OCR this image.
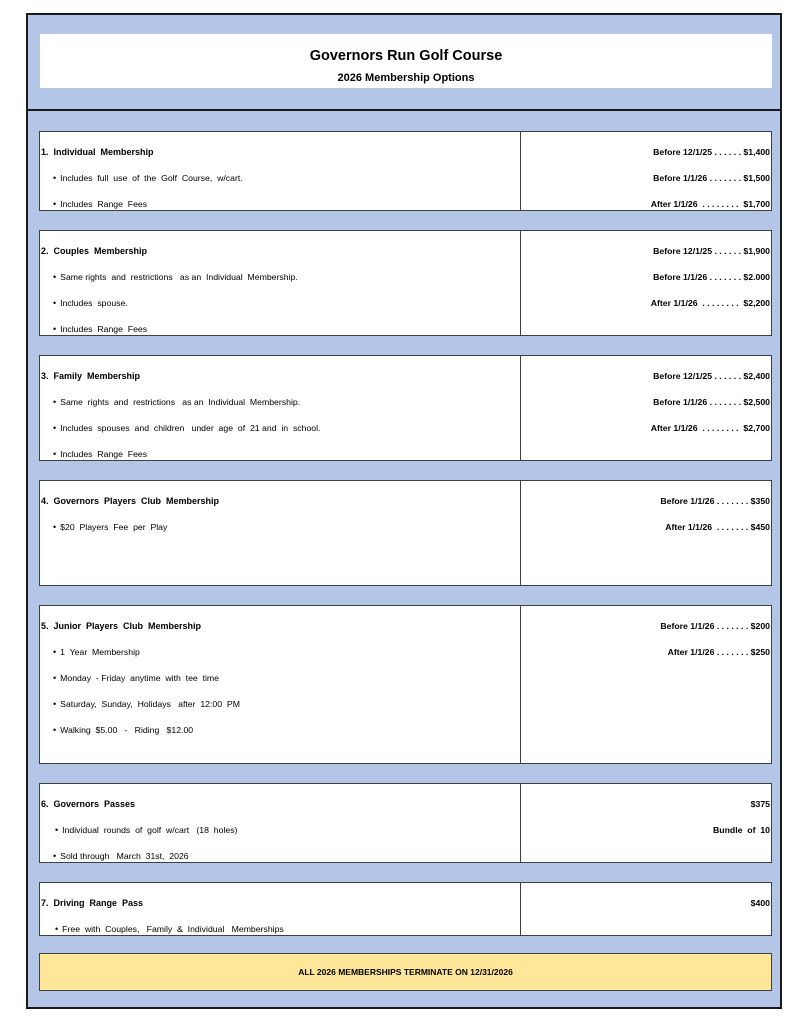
Governors Run Golf Course
2026 Membership Options
1.  Individual  Membership
• Includes  full  use  of  the  Golf  Course,  w/cart.
• Includes  Range  Fees
Before 12/1/25 . . . . . . $1,400
Before 1/1/26 . . . . . . . $1,500
After 1/1/26  . . . . . . . .  $1,700
2.  Couples  Membership
• Same rights  and  restrictions   as an  Individual  Membership.
• Includes  spouse.
• Includes  Range  Fees
Before 12/1/25 . . . . . . $1,900
Before 1/1/26 . . . . . . . $2.000
After 1/1/26  . . . . . . . .  $2,200
3.  Family  Membership
• Same  rights  and  restrictions   as an  Individual  Membership.
• Includes  spouses  and  children   under  age  of  21 and  in  school.
• Includes  Range  Fees
Before 12/1/25 . . . . . . $2,400
Before 1/1/26 . . . . . . . $2,500
After 1/1/26  . . . . . . . .  $2,700
4.  Governors  Players  Club  Membership
• $20  Players  Fee  per  Play
Before 1/1/26 . . . . . . . $350
After 1/1/26  . . . . . . . $450
5.  Junior  Players  Club  Membership
• 1  Year  Membership
• Monday  - Friday  anytime  with  tee  time
• Saturday,  Sunday,  Holidays   after  12:00  PM
• Walking  $5.00   -   Riding   $12.00
Before 1/1/26 . . . . . . . $200
After 1/1/26 . . . . . . . $250
6.  Governors  Passes
• Individual  rounds  of  golf  w/cart   (18  holes)
• Sold through   March  31st,  2026
$375
Bundle  of  10
7.  Driving  Range  Pass
• Free  with  Couples,   Family  &  Individual   Memberships
$400
ALL 2026 MEMBERSHIPS TERMINATE ON 12/31/2026
